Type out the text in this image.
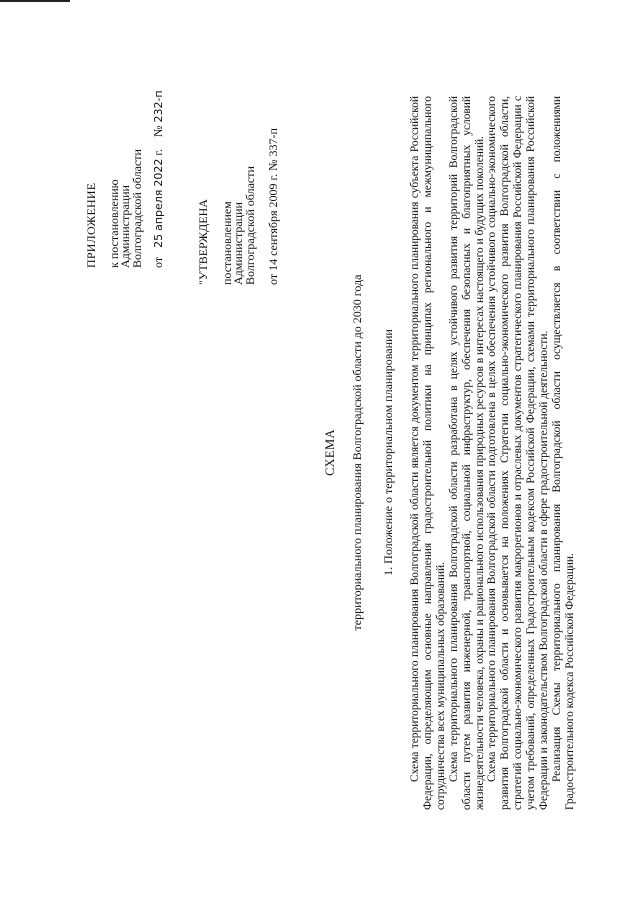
ПРИЛОЖЕНИЕ к постановлению
Администрации
Волгоградской области от25 апреля 2022 г.№ 232-п
"УТВЕРЖДЕНА постановлением
Администрации
Волгоградской области от 14 сентября 2009 г. № 337-п
СХЕМА территориального планирования Волгоградской области до 2030 года 1. Положение о территориальном планировании Схема территориального планирования Волгоградской области является документом территориального планирования субъекта Российской Федерации, определяющим основные направления градостроительной политики на принципах регионального и межмуниципального сотрудничества всех муниципальных образований. Схема территориального планирования Волгоградской области разработана в целях устойчивого развития территорий Волгоградской области путем развития инженерной, транспортной, социальной инфраструктур, обеспечения безопасных и благоприятных условий жизнедеятельности человека, охраны и рационального использования природных ресурсов в интересах настоящего и будущих поколений. Схема территориального планирования Волгоградской области подготовлена в целях обеспечения устойчивого социально-экономического развития Волгоградской области и основывается на положениях Стратегии социально-экономического развития Волгоградской области, стратегий социально-экономического развития макрорегионов и отраслевых документов стратегического планирования Российской Федерации с учетом требований, определенных Градостроительным кодексом Российской Федерации, схемами территориального планирования Российской Федерации и законодательством Волгоградской области в сфере градостроительной деятельности. Реализация Схемы территориального планирования Волгоградской области осуществляется в соответствии с положениями Градостроительного кодекса Российской Федерации.
